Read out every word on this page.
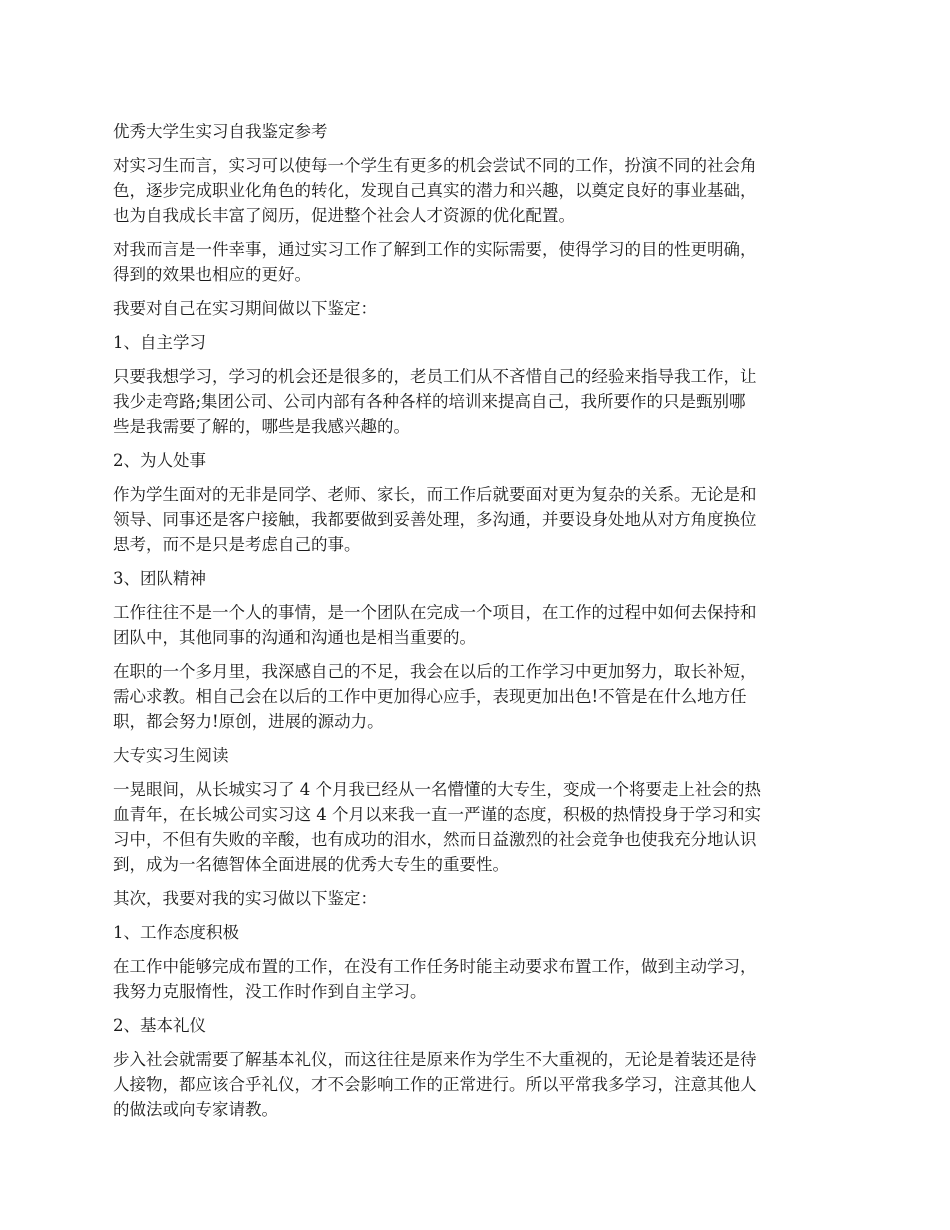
优秀大学生实习自我鉴定参考
对实习生而言，实习可以使每一个学生有更多的机会尝试不同的工作，扮演不同的社会角
色，逐步完成职业化角色的转化，发现自己真实的潜力和兴趣，以奠定良好的事业基础，
也为自我成长丰富了阅历，促进整个社会人才资源的优化配置。
对我而言是一件幸事，通过实习工作了解到工作的实际需要，使得学习的目的性更明确，
得到的效果也相应的更好。
我要对自己在实习期间做以下鉴定：
1、自主学习
只要我想学习，学习的机会还是很多的，老员工们从不吝惜自己的经验来指导我工作，让
我少走弯路;集团公司、公司内部有各种各样的培训来提高自己，我所要作的只是甄别哪
些是我需要了解的，哪些是我感兴趣的。
2、为人处事
作为学生面对的无非是同学、老师、家长，而工作后就要面对更为复杂的关系。无论是和
领导、同事还是客户接触，我都要做到妥善处理，多沟通，并要设身处地从对方角度换位
思考，而不是只是考虑自己的事。
3、团队精神
工作往往不是一个人的事情，是一个团队在完成一个项目，在工作的过程中如何去保持和
团队中，其他同事的沟通和沟通也是相当重要的。
在职的一个多月里，我深感自己的不足，我会在以后的工作学习中更加努力，取长补短，
需心求教。相自己会在以后的工作中更加得心应手，表现更加出色!不管是在什么地方任
职，都会努力!原创，进展的源动力。
大专实习生阅读
一晃眼间，从长城实习了 4 个月我已经从一名懵懂的大专生，变成一个将要走上社会的热
血青年，在长城公司实习这 4 个月以来我一直一严谨的态度，积极的热情投身于学习和实
习中，不但有失败的辛酸，也有成功的泪水，然而日益激烈的社会竞争也使我充分地认识
到，成为一名德智体全面进展的优秀大专生的重要性。
其次，我要对我的实习做以下鉴定：
1、工作态度积极
在工作中能够完成布置的工作，在没有工作任务时能主动要求布置工作，做到主动学习，
我努力克服惰性，没工作时作到自主学习。
2、基本礼仪
步入社会就需要了解基本礼仪，而这往往是原来作为学生不大重视的，无论是着装还是待
人接物，都应该合乎礼仪，才不会影响工作的正常进行。所以平常我多学习，注意其他人
的做法或向专家请教。
